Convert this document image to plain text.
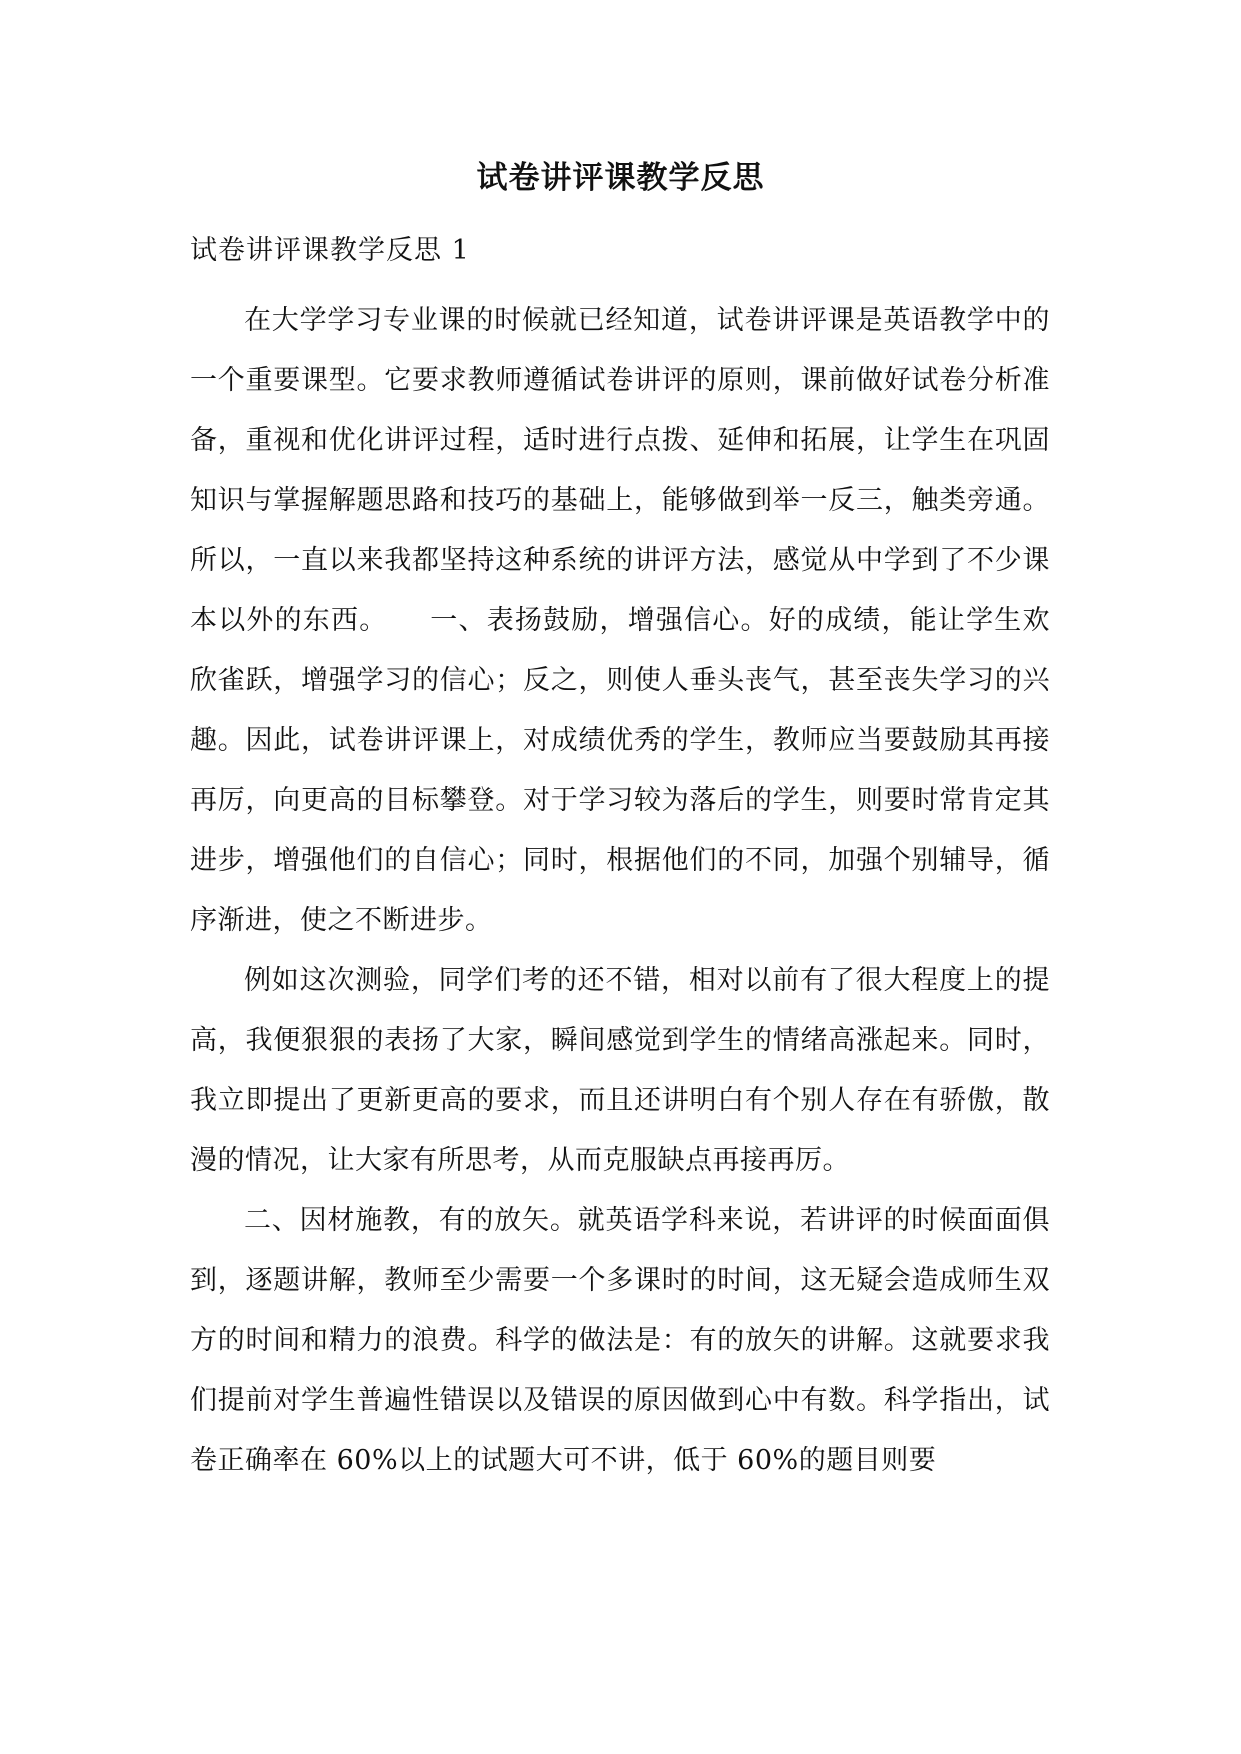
试卷讲评课教学反思

试卷讲评课教学反思 1

在大学学习专业课的时候就已经知道，试卷讲评课是英语教学中的一个重要课型。它要求教师遵循试卷讲评的原则，课前做好试卷分析准备，重视和优化讲评过程，适时进行点拨、延伸和拓展，让学生在巩固知识与掌握解题思路和技巧的基础上，能够做到举一反三，触类旁通。所以，一直以来我都坚持这种系统的讲评方法，感觉从中学到了不少课本以外的东西。　　一、表扬鼓励，增强信心。好的成绩，能让学生欢欣雀跃，增强学习的信心；反之，则使人垂头丧气，甚至丧失学习的兴趣。因此，试卷讲评课上，对成绩优秀的学生，教师应当要鼓励其再接再厉，向更高的目标攀登。对于学习较为落后的学生，则要时常肯定其进步，增强他们的自信心；同时，根据他们的不同，加强个别辅导，循序渐进，使之不断进步。

例如这次测验，同学们考的还不错，相对以前有了很大程度上的提高，我便狠狠的表扬了大家，瞬间感觉到学生的情绪高涨起来。同时，我立即提出了更新更高的要求，而且还讲明白有个别人存在有骄傲，散漫的情况，让大家有所思考，从而克服缺点再接再厉。

二、因材施教，有的放矢。就英语学科来说，若讲评的时候面面俱到，逐题讲解，教师至少需要一个多课时的时间，这无疑会造成师生双方的时间和精力的浪费。科学的做法是：有的放矢的讲解。这就要求我们提前对学生普遍性错误以及错误的原因做到心中有数。科学指出，试卷正确率在 60%以上的试题大可不讲，低于 60%的题目则要
